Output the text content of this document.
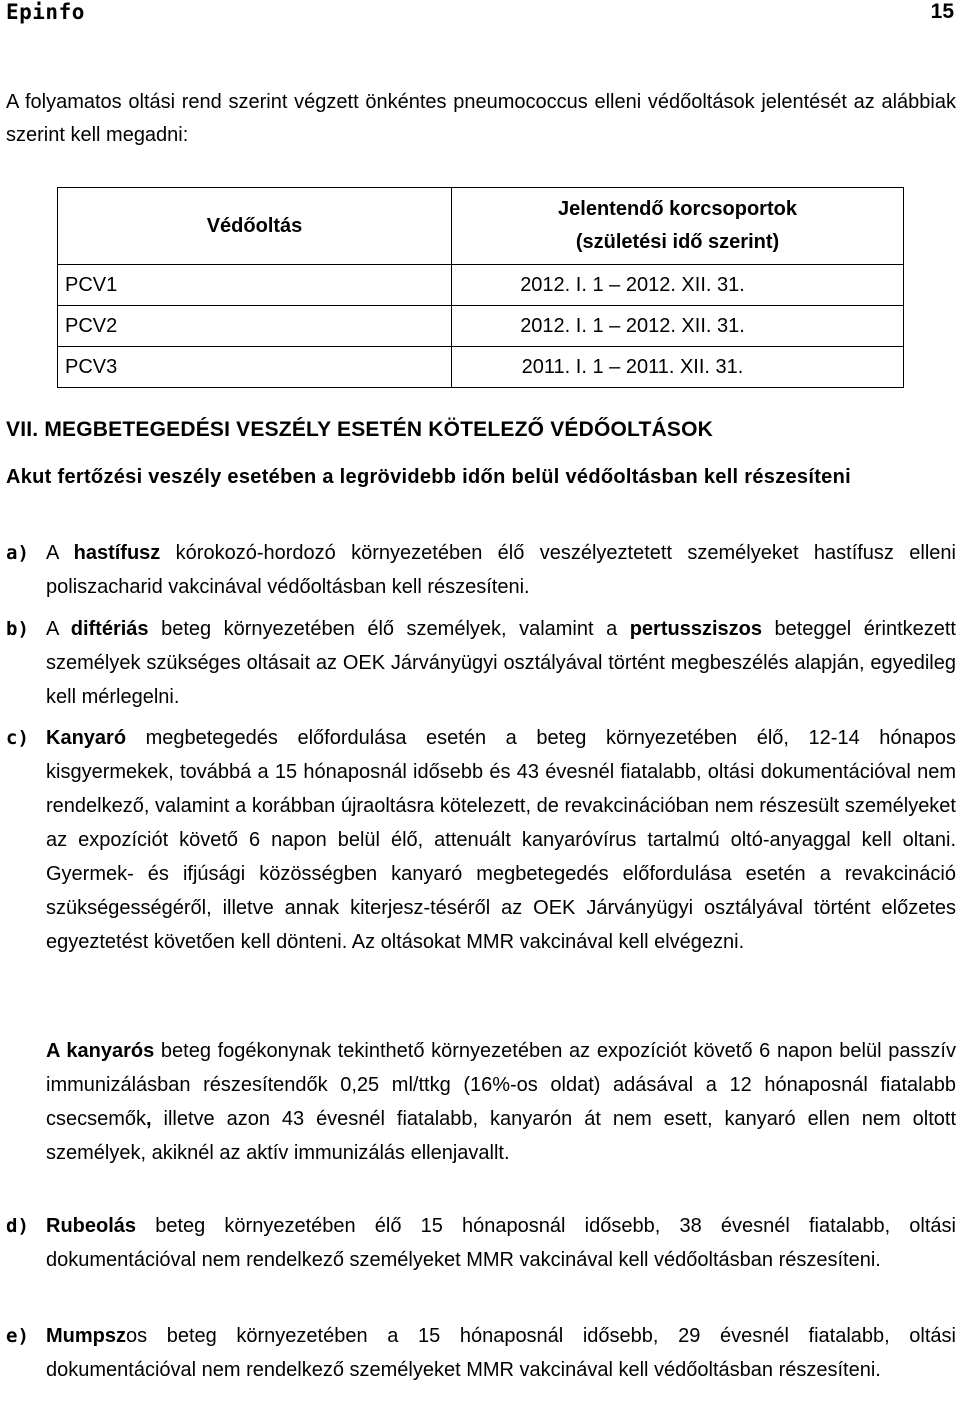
Epinfo	15
A folyamatos oltási rend szerint végzett önkéntes pneumococcus elleni védőoltások jelentését az alábbiak szerint kell megadni:
Védőoltás	Jelentendő korcsoportok
(születési idő szerint)
PCV1	2012. I. 1 – 2012. XII. 31.
PCV2	2012. I. 1 – 2012. XII. 31.
PCV3	2011. I. 1 – 2011. XII. 31.
VII. MEGBETEGEDÉSI VESZÉLY ESETÉN KÖTELEZŐ VÉDŐOLTÁSOK
Akut fertőzési veszély esetében a legrövidebb időn belül védőoltásban kell részesíteni
a) A hastífusz kórokozó-hordozó környezetében élő veszélyeztetett személyeket hastífusz elleni poliszacharid vakcinával védőoltásban kell részesíteni.
b) A diftériás beteg környezetében élő személyek, valamint a pertussziszos beteggel érintkezett személyek szükséges oltásait az OEK Járványügyi osztályával történt megbeszélés alapján, egyedileg kell mérlegelni.
c) Kanyaró megbetegedés előfordulása esetén a beteg környezetében élő, 12-14 hónapos kisgyermekek, továbbá a 15 hónaposnál idősebb és 43 évesnél fiatalabb, oltási dokumentációval nem rendelkező, valamint a korábban újraoltásra kötelezett, de revakcinációban nem részesült személyeket az expozíciót követő 6 napon belül élő, attenuált kanyaróvírus tartalmú oltó-anyaggal kell oltani. Gyermek- és ifjúsági közösségben kanyaró megbetegedés előfordulása esetén a revakcináció szükségességéről, illetve annak kiterjesz-téséről az OEK Járványügyi osztályával történt előzetes egyeztetést követően kell dönteni. Az oltásokat MMR vakcinával kell elvégezni.
A kanyarós beteg fogékonynak tekinthető környezetében az expozíciót követő 6 napon belül passzív immunizálásban részesítendők 0,25 ml/ttkg (16%-os oldat) adásával a 12 hónaposnál fiatalabb csecsemők, illetve azon 43 évesnél fiatalabb, kanyarón át nem esett, kanyaró ellen nem oltott személyek, akiknél az aktív immunizálás ellenjavallt.
d) Rubeolás beteg környezetében élő 15 hónaposnál idősebb, 38 évesnél fiatalabb, oltási dokumentációval nem rendelkező személyeket MMR vakcinával kell védőoltásban részesíteni.
e) Mumpszos beteg környezetében a 15 hónaposnál idősebb, 29 évesnél fiatalabb, oltási dokumentációval nem rendelkező személyeket MMR vakcinával kell védőoltásban részesíteni.
